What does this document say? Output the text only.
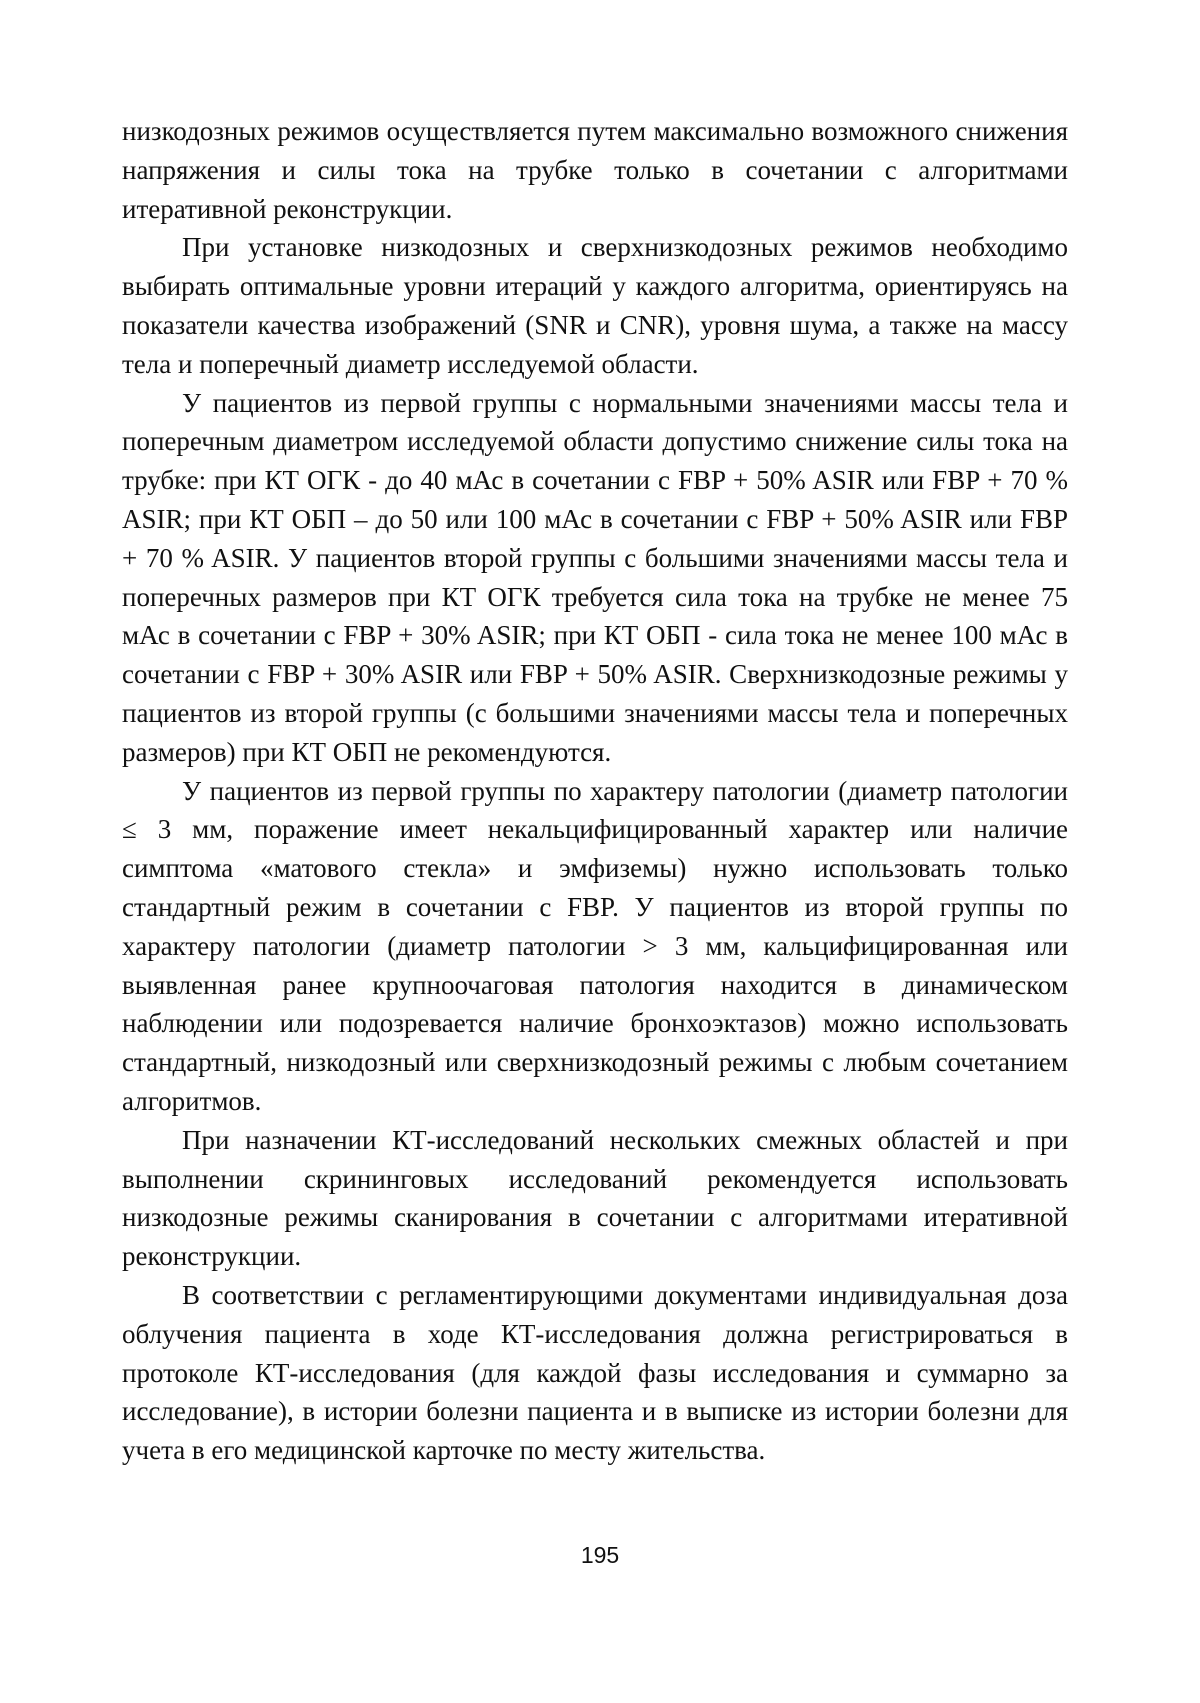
низкодозных режимов осуществляется путем максимально возможного снижения напряжения и силы тока на трубке только в сочетании с алгоритмами итеративной реконструкции.

При установке низкодозных и сверхнизкодозных режимов необходимо выбирать оптимальные уровни итераций у каждого алгоритма, ориентируясь на показатели качества изображений (SNR и CNR), уровня шума, а также на массу тела и поперечный диаметр исследуемой области.

У пациентов из первой группы с нормальными значениями массы тела и поперечным диаметром исследуемой области допустимо снижение силы тока на трубке: при КТ ОГК - до 40 мАс в сочетании с FBP + 50% ASIR или FBP + 70 % ASIR; при КТ ОБП – до 50 или 100 мАс в сочетании с FBP + 50% ASIR или FBP + 70 % ASIR. У пациентов второй группы с большими значениями массы тела и поперечных размеров при КТ ОГК требуется сила тока на трубке не менее 75 мАс в сочетании с FBP + 30% ASIR; при КТ ОБП - сила тока не менее 100 мАс в сочетании с FBP + 30% ASIR или FBP + 50% ASIR. Сверхнизкодозные режимы у пациентов из второй группы (с большими значениями массы тела и поперечных размеров) при КТ ОБП не рекомендуются.

У пациентов из первой группы по характеру патологии (диаметр патологии ≤ 3 мм, поражение имеет некальцифицированный характер или наличие симптома «матового стекла» и эмфиземы) нужно использовать только стандартный режим в сочетании с FBP. У пациентов из второй группы по характеру патологии (диаметр патологии > 3 мм, кальцифицированная или выявленная ранее крупноочаговая патология находится в динамическом наблюдении или подозревается наличие бронхоэктазов) можно использовать стандартный, низкодозный или сверхнизкодозный режимы с любым сочетанием алгоритмов.

При назначении КТ-исследований нескольких смежных областей и при выполнении скрининговых исследований рекомендуется использовать низкодозные режимы сканирования в сочетании с алгоритмами итеративной реконструкции.

В соответствии с регламентирующими документами индивидуальная доза облучения пациента в ходе КТ-исследования должна регистрироваться в протоколе КТ-исследования (для каждой фазы исследования и суммарно за исследование), в истории болезни пациента и в выписке из истории болезни для учета в его медицинской карточке по месту жительства.

195
